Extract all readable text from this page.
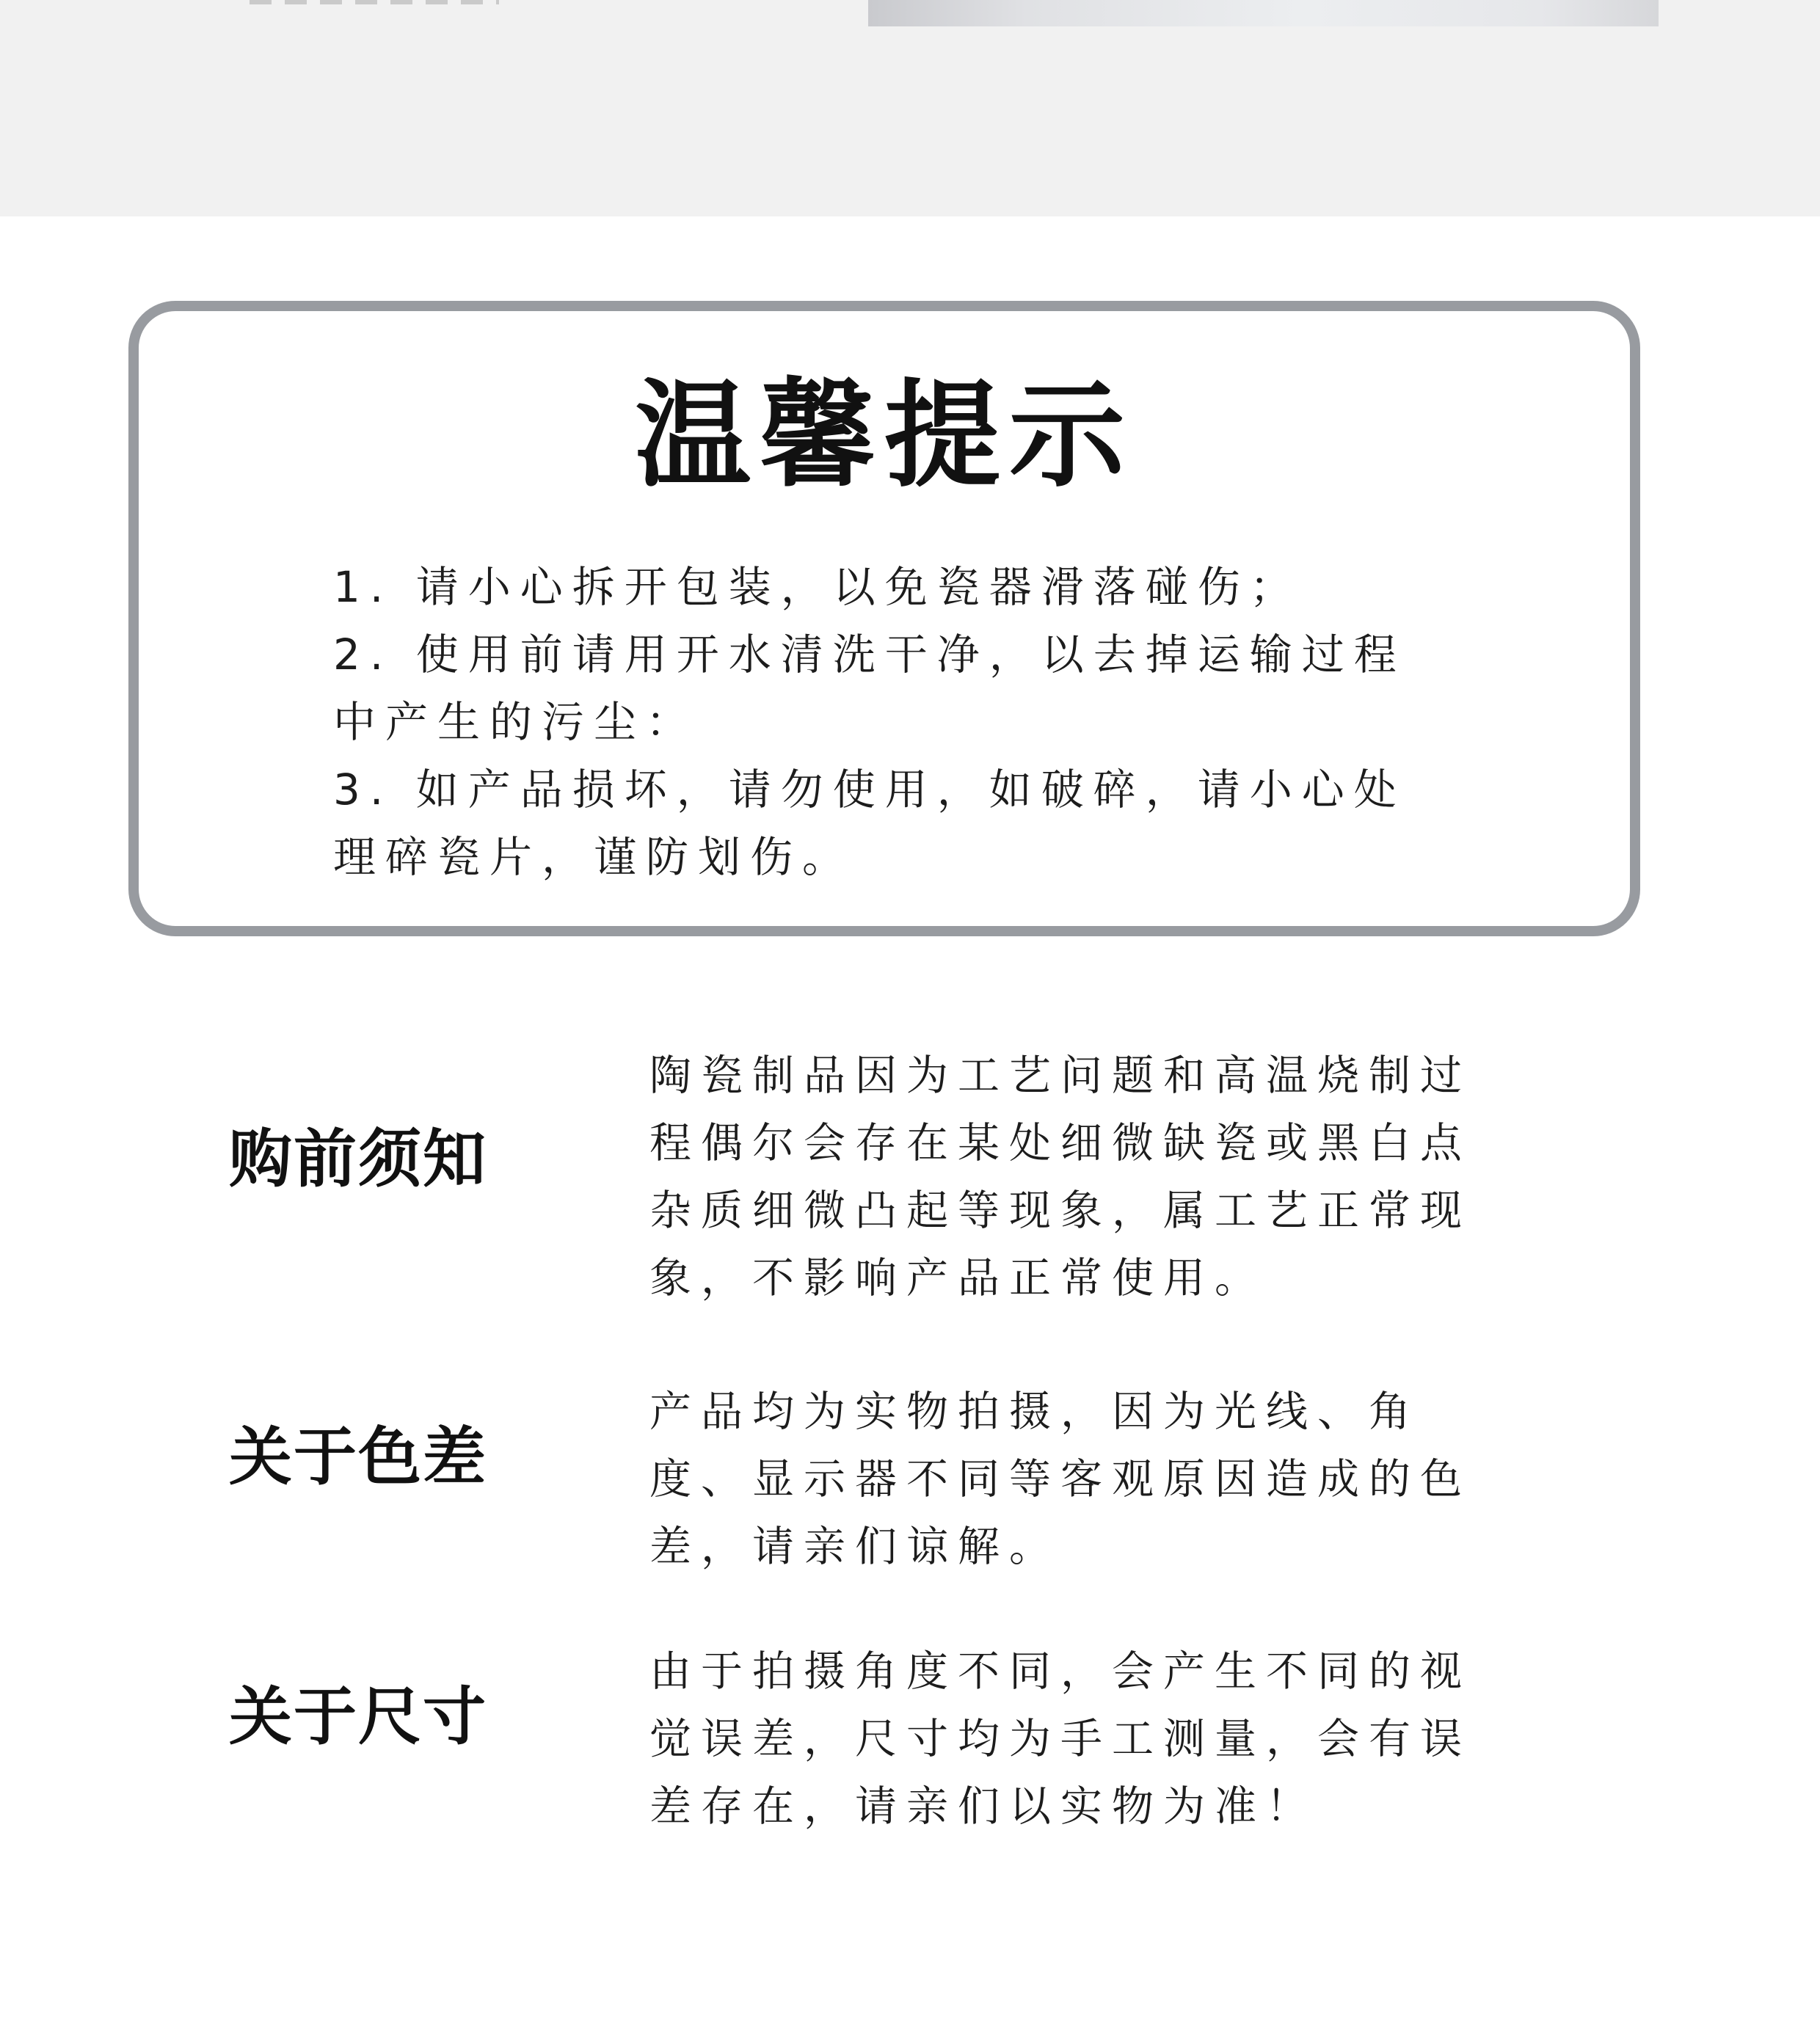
温馨提示
1. 请小心拆开包装，以免瓷器滑落碰伤；
2. 使用前请用开水清洗干净，以去掉运输过程中产生的污尘：
3. 如产品损坏，请勿使用，如破碎，请小心处理碎瓷片，谨防划伤。
购前须知

陶瓷制品因为工艺问题和高温烧制过程偶尔会存在某处细微缺瓷或黑白点杂质细微凸起等现象，属工艺正常现象，不影响产品正常使用。

关于色差

产品均为实物拍摄，因为光线、角度、显示器不同等客观原因造成的色差，请亲们谅解。

关于尺寸

由于拍摄角度不同，会产生不同的视觉误差，尺寸均为手工测量，会有误差存在，请亲们以实物为准！
